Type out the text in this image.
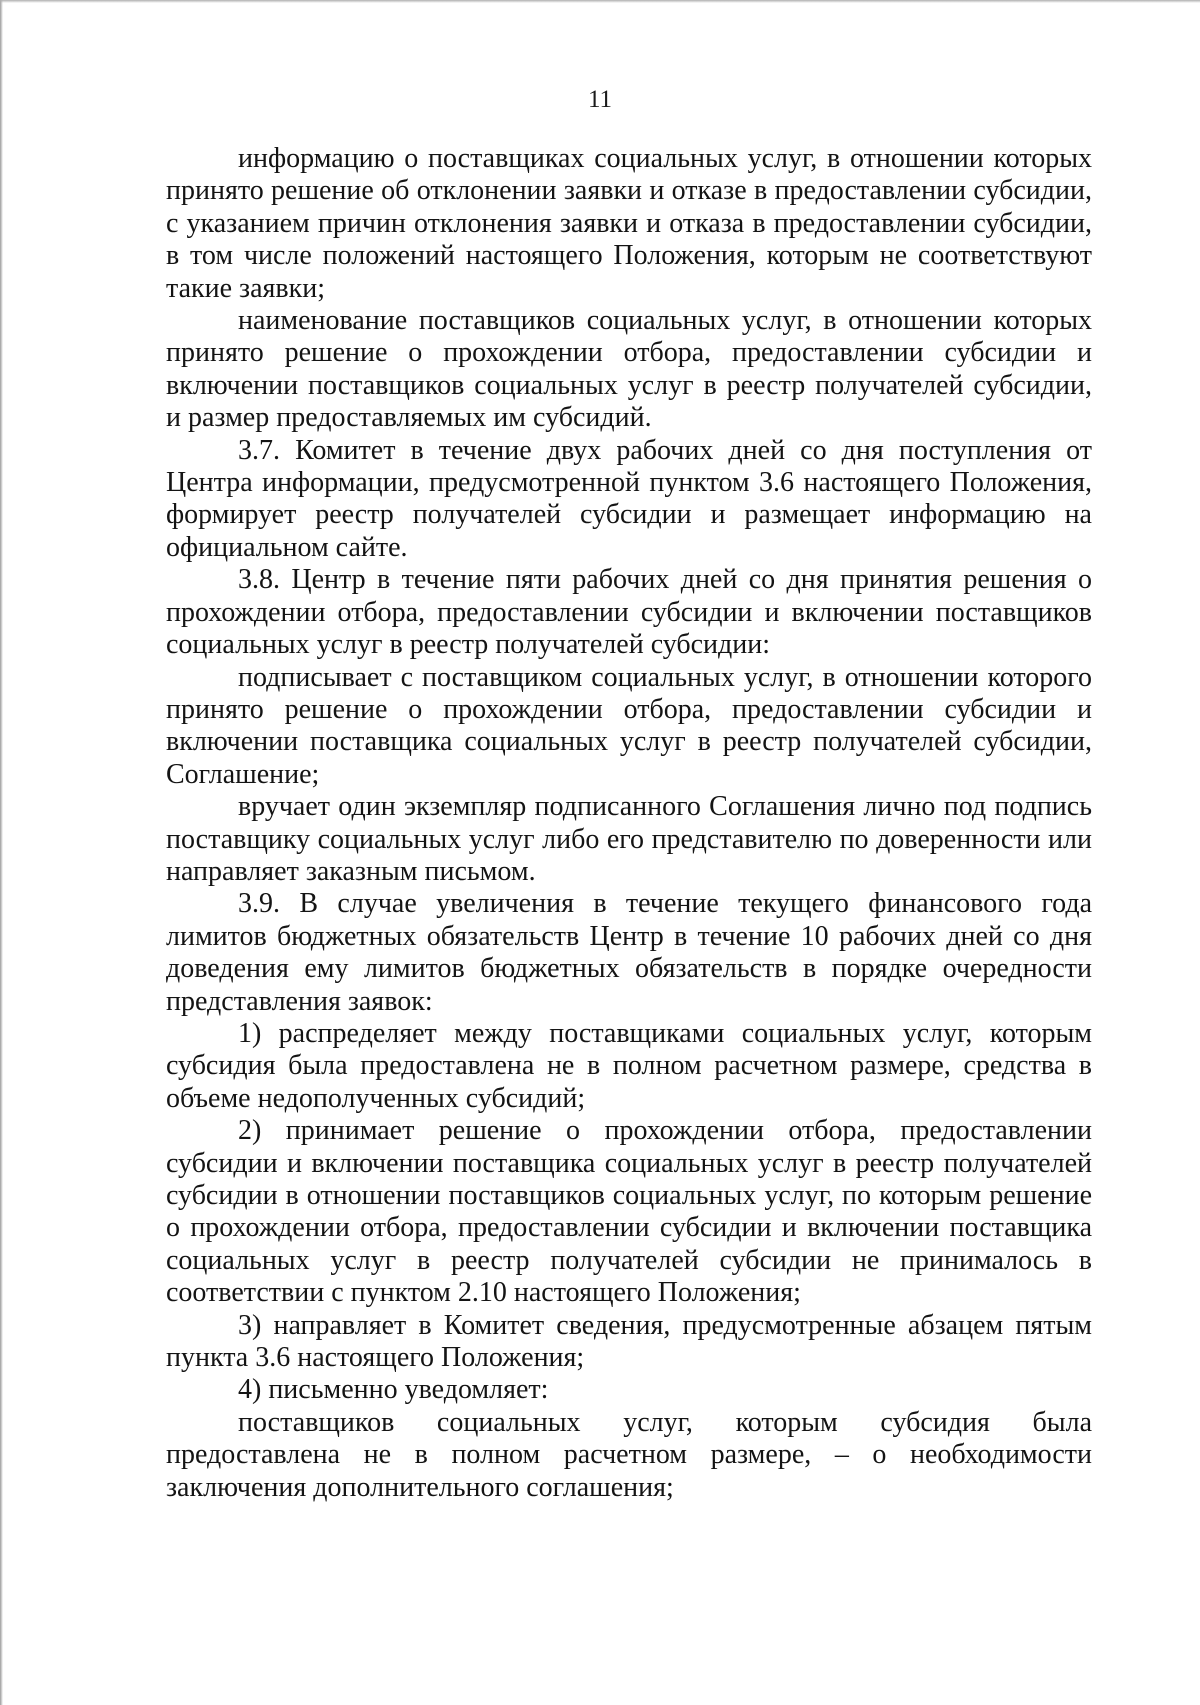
11

информацию о поставщиках социальных услуг, в отношении которых принято решение об отклонении заявки и отказе в предоставлении субсидии, с указанием причин отклонения заявки и отказа в предоставлении субсидии, в том числе положений настоящего Положения, которым не соответствуют такие заявки;

наименование поставщиков социальных услуг, в отношении которых принято решение о прохождении отбора, предоставлении субсидии и включении поставщиков социальных услуг в реестр получателей субсидии, и размер предоставляемых им субсидий.

3.7. Комитет в течение двух рабочих дней со дня поступления от Центра информации, предусмотренной пунктом 3.6 настоящего Положения, формирует реестр получателей субсидии и размещает информацию на официальном сайте.

3.8. Центр в течение пяти рабочих дней со дня принятия решения о прохождении отбора, предоставлении субсидии и включении поставщиков социальных услуг в реестр получателей субсидии:

подписывает с поставщиком социальных услуг, в отношении которого принято решение о прохождении отбора, предоставлении субсидии и включении поставщика социальных услуг в реестр получателей субсидии, Соглашение;

вручает один экземпляр подписанного Соглашения лично под подпись поставщику социальных услуг либо его представителю по доверенности или направляет заказным письмом.

3.9. В случае увеличения в течение текущего финансового года лимитов бюджетных обязательств Центр в течение 10 рабочих дней со дня доведения ему лимитов бюджетных обязательств в порядке очередности представления заявок:

1) распределяет между поставщиками социальных услуг, которым субсидия была предоставлена не в полном расчетном размере, средства в объеме недополученных субсидий;

2) принимает решение о прохождении отбора, предоставлении субсидии и включении поставщика социальных услуг в реестр получателей субсидии в отношении поставщиков социальных услуг, по которым решение о прохождении отбора, предоставлении субсидии и включении поставщика социальных услуг в реестр получателей субсидии не принималось в соответствии с пунктом 2.10 настоящего Положения;

3) направляет в Комитет сведения, предусмотренные абзацем пятым пункта 3.6 настоящего Положения;

4) письменно уведомляет:

поставщиков социальных услуг, которым субсидия была предоставлена не в полном расчетном размере, – о необходимости заключения дополнительного соглашения;
